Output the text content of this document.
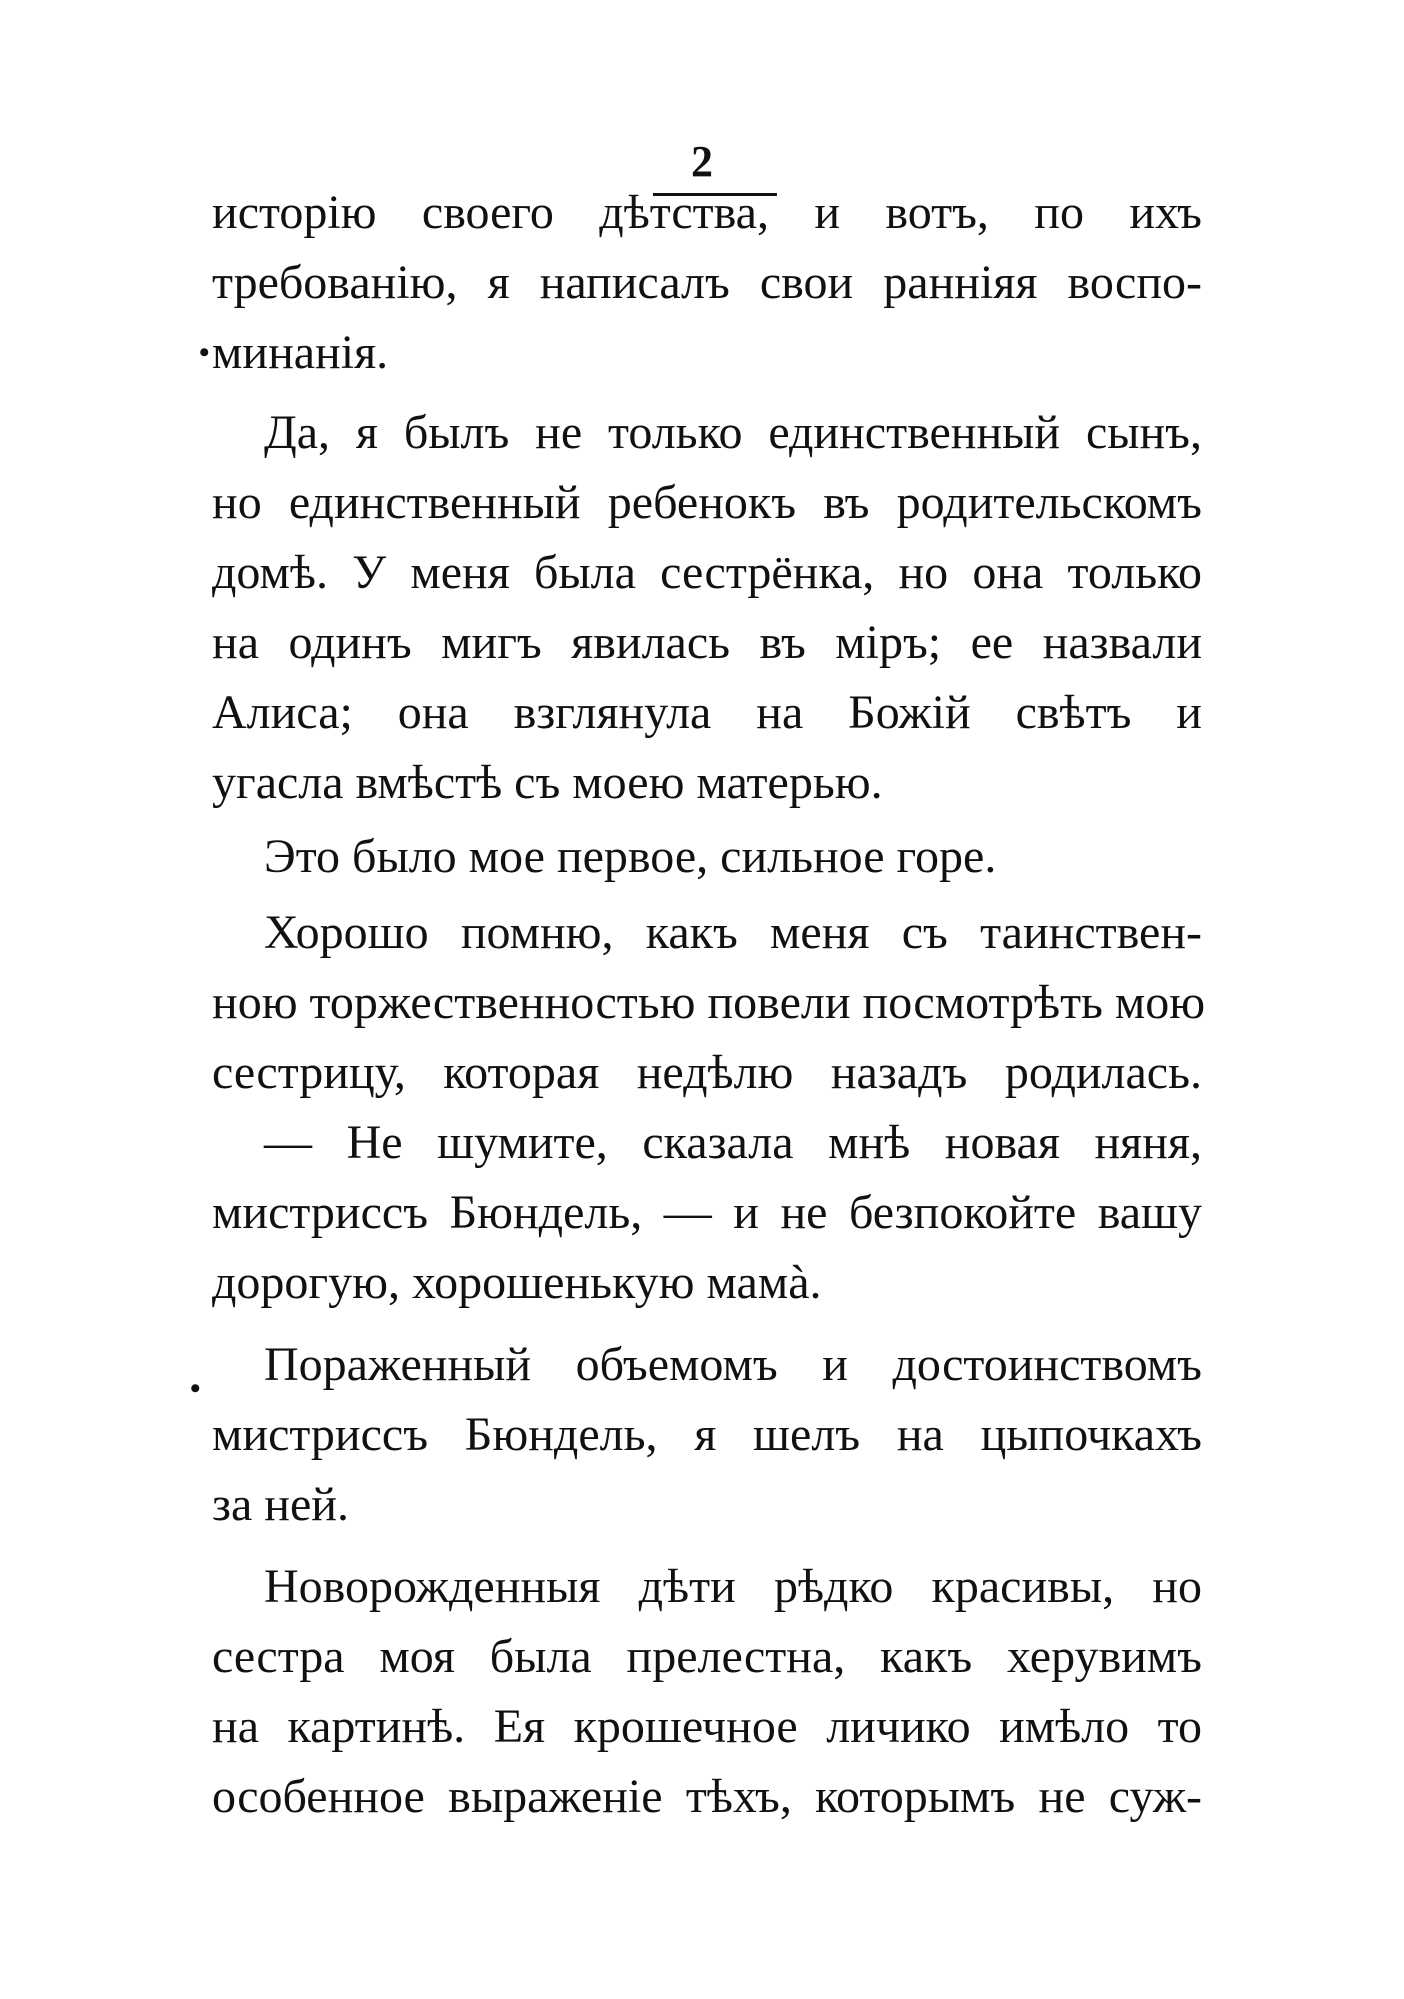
2
исторію своего дѣтства, и вотъ, по ихъ
требованію, я написалъ свои ранніяя воспо-
минанія.
Да, я былъ не только единственный сынъ,
но единственный ребенокъ въ родительскомъ
домѣ. У меня была сестрёнка, но она только
на одинъ мигъ явилась въ міръ; ее назвали
Алиса; она взглянула на Божій свѣтъ и
угасла вмѣстѣ съ моею матерью.
Это было мое первое, сильное горе.
Хорошо помню, какъ меня съ таинствен-
ною торжественностью повели посмотрѣть мою
сестрицу, которая недѣлю назадъ родилась.
— Не шумите, сказала мнѣ новая няня,
мистриссъ Бюндель, — и не безпокойте вашу
дорогую, хорошенькую мамà.
Пораженный объемомъ и достоинствомъ
мистриссъ Бюндель, я шелъ на цыпочкахъ
за ней.
Новорожденныя дѣти рѣдко красивы, но
сестра моя была прелестна, какъ херувимъ
на картинѣ. Ея крошечное личико имѣло то
особенное выраженіе тѣхъ, которымъ не суж-
•
•
